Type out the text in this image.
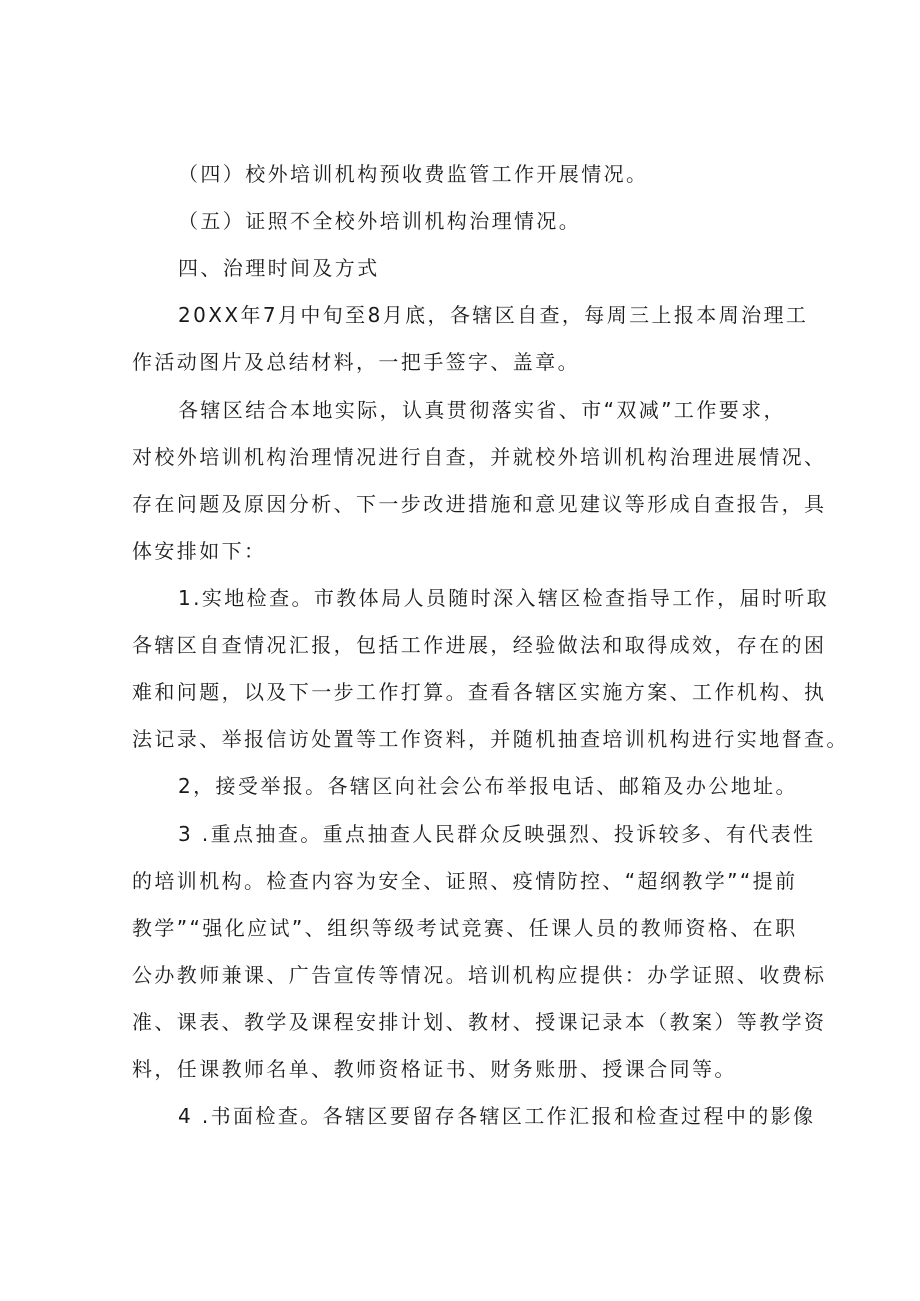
（四）校外培训机构预收费监管工作开展情况。
（五）证照不全校外培训机构治理情况。
四、治理时间及方式
20XX年7月中旬至8月底，各辖区自查，每周三上报本周治理工
作活动图片及总结材料，一把手签字、盖章。
各辖区结合本地实际，认真贯彻落实省、市“双减”工作要求，
对校外培训机构治理情况进行自查，并就校外培训机构治理进展情况、
存在问题及原因分析、下一步改进措施和意见建议等形成自查报告，具
体安排如下：
1.实地检查。市教体局人员随时深入辖区检查指导工作，届时听取
各辖区自查情况汇报，包括工作进展，经验做法和取得成效，存在的困
难和问题，以及下一步工作打算。查看各辖区实施方案、工作机构、执
法记录、举报信访处置等工作资料，并随机抽查培训机构进行实地督查。
2，接受举报。各辖区向社会公布举报电话、邮箱及办公地址。
3 .重点抽查。重点抽查人民群众反映强烈、投诉较多、有代表性
的培训机构。检查内容为安全、证照、疫情防控、“超纲教学”“提前
教学”“强化应试”、组织等级考试竞赛、任课人员的教师资格、在职
公办教师兼课、广告宣传等情况。培训机构应提供：办学证照、收费标
准、课表、教学及课程安排计划、教材、授课记录本（教案）等教学资
料，任课教师名单、教师资格证书、财务账册、授课合同等。
4 .书面检查。各辖区要留存各辖区工作汇报和检查过程中的影像
